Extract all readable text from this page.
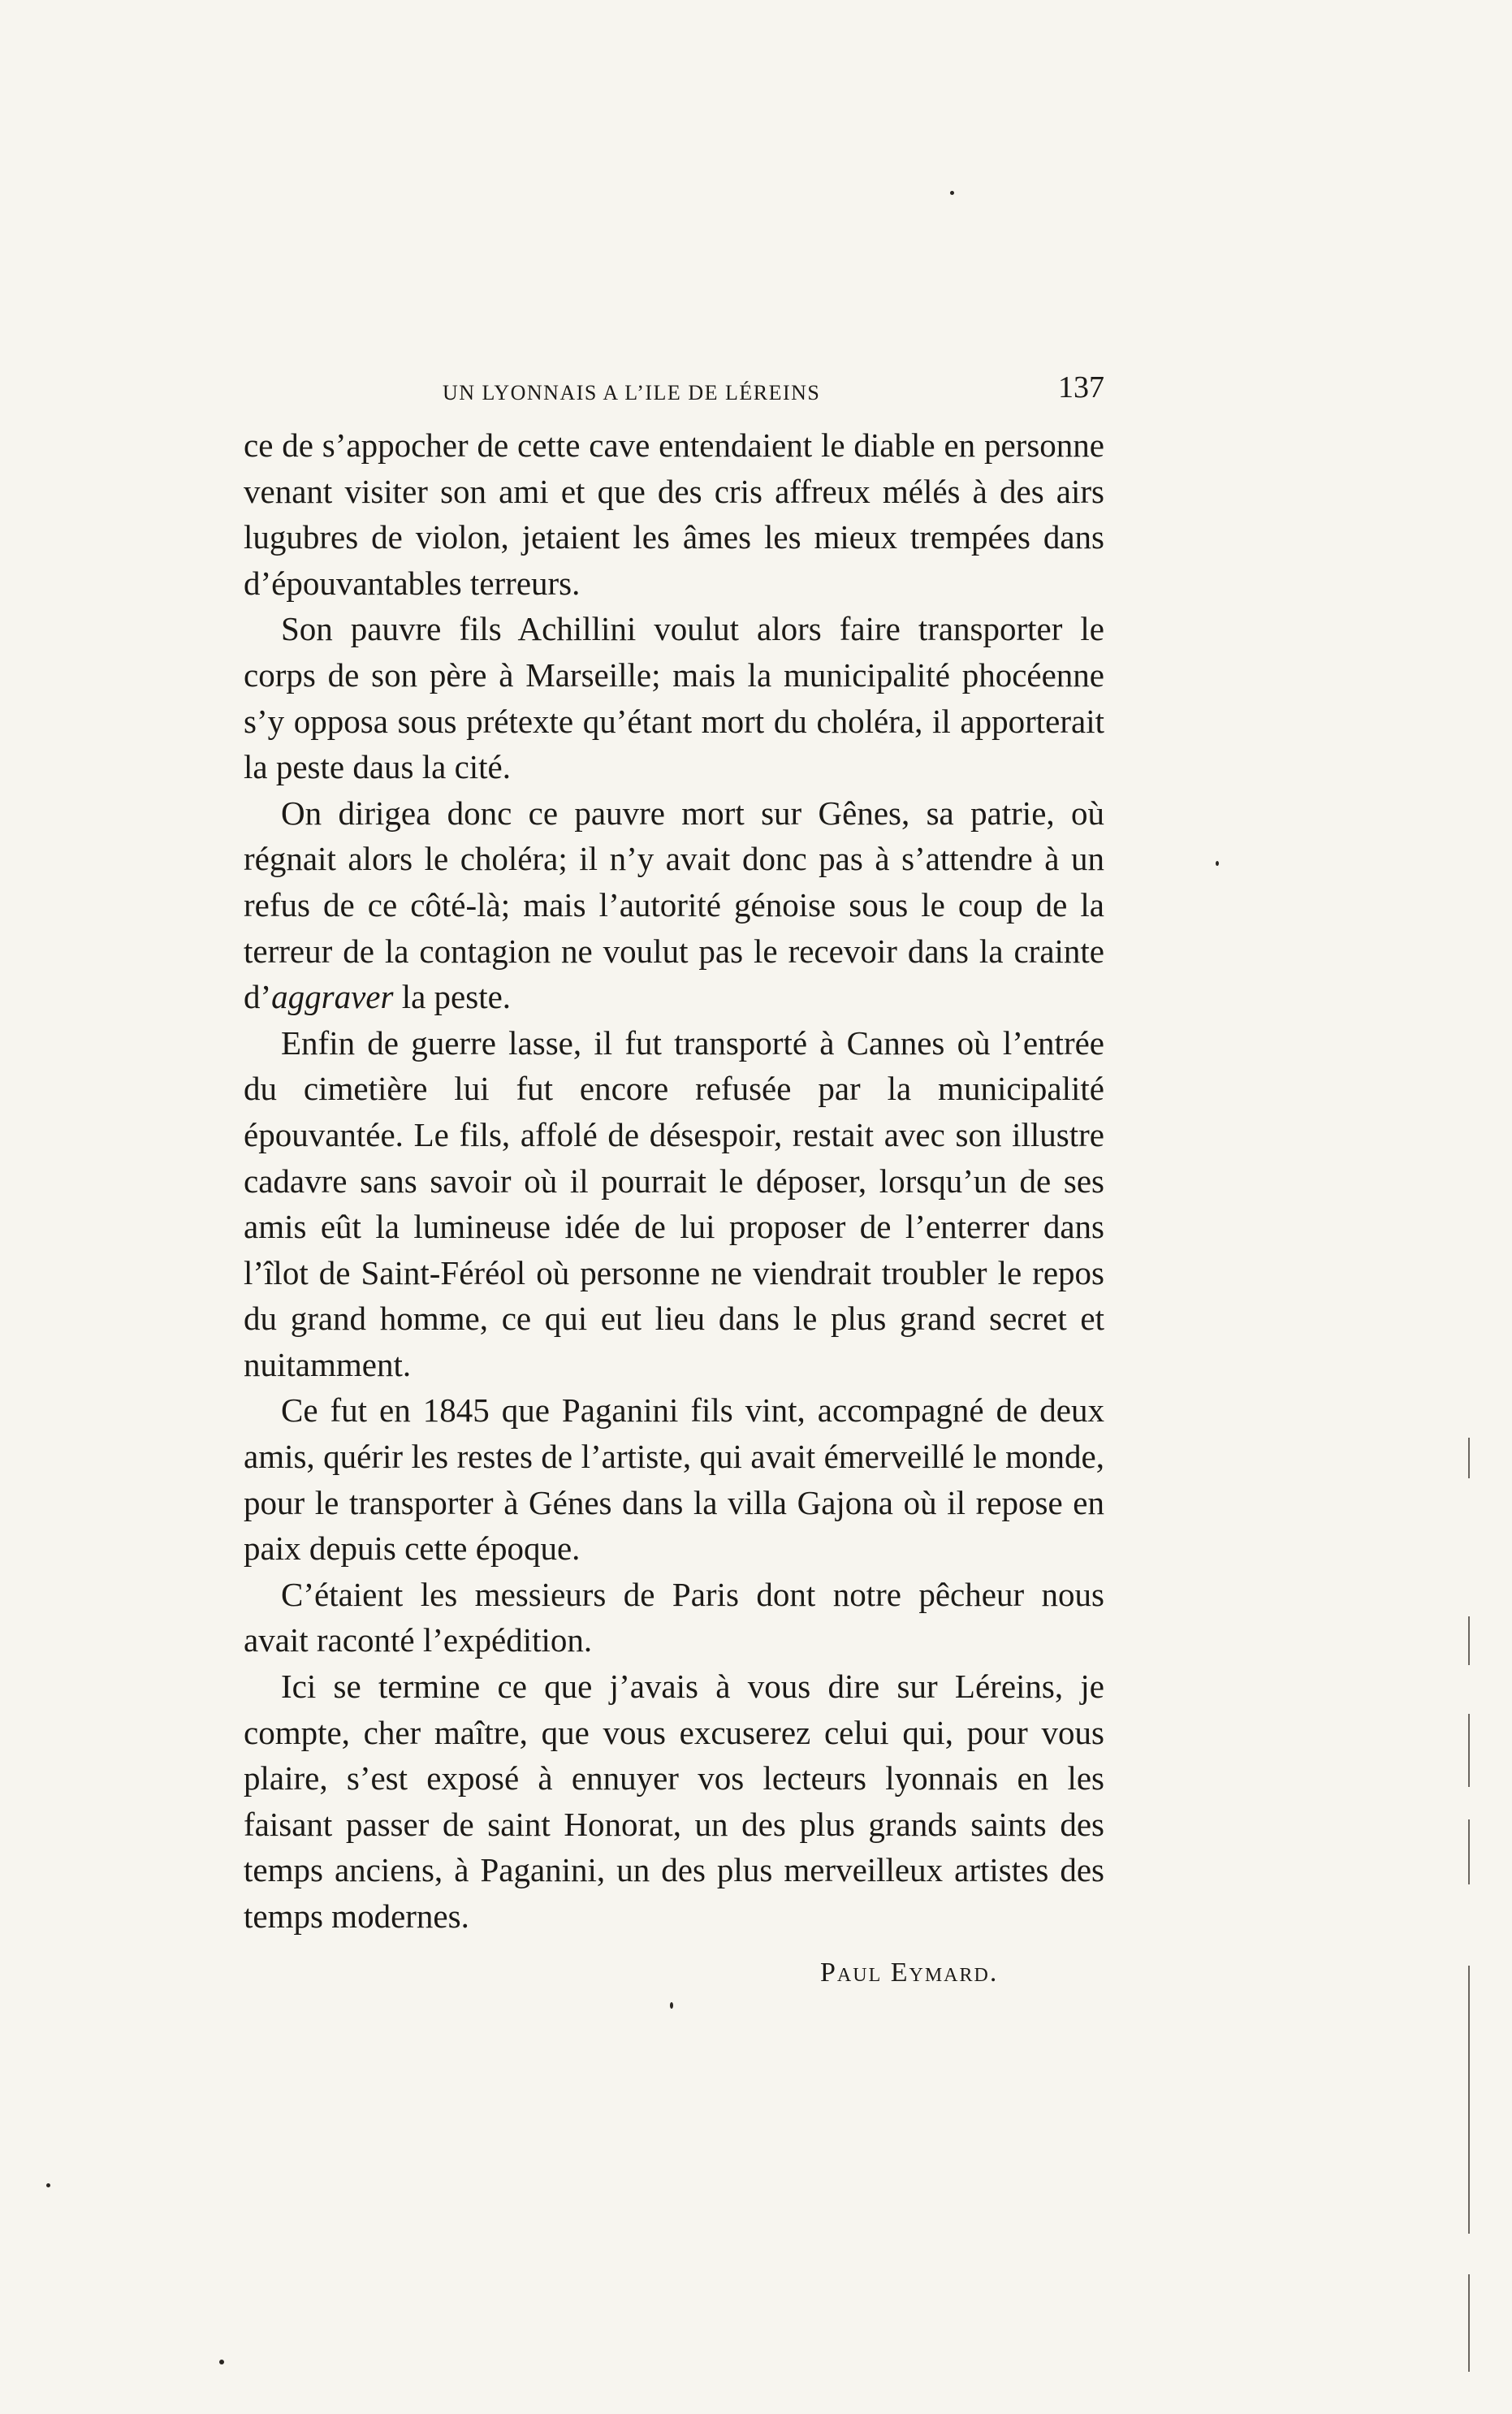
UN LYONNAIS A L’ILE DE LÉREINS	137

ce de s’appocher de cette cave entendaient le diable en personne venant visiter son ami et que des cris affreux mélés à des airs lugubres de violon, jetaient les âmes les mieux trempées dans d’épouvantables terreurs.

Son pauvre fils Achillini voulut alors faire transporter le corps de son père à Marseille; mais la municipalité phocéenne s’y opposa sous prétexte qu’étant mort du choléra, il apporterait la peste daus la cité.

On dirigea donc ce pauvre mort sur Gênes, sa patrie, où régnait alors le choléra; il n’y avait donc pas à s’attendre à un refus de ce côté-là; mais l’autorité génoise sous le coup de la terreur de la contagion ne voulut pas le recevoir dans la crainte d’aggraver la peste.

Enfin de guerre lasse, il fut transporté à Cannes où l’entrée du cimetière lui fut encore refusée par la municipalité épouvantée. Le fils, affolé de désespoir, restait avec son illustre cadavre sans savoir où il pourrait le déposer, lorsqu’un de ses amis eût la lumineuse idée de lui proposer de l’enterrer dans l’îlot de Saint-Féréol où personne ne viendrait troubler le repos du grand homme, ce qui eut lieu dans le plus grand secret et nuitamment.

Ce fut en 1845 que Paganini fils vint, accompagné de deux amis, quérir les restes de l’artiste, qui avait émerveillé le monde, pour le transporter à Génes dans la villa Gajona où il repose en paix depuis cette époque.

C’étaient les messieurs de Paris dont notre pêcheur nous avait raconté l’expédition.

Ici se termine ce que j’avais à vous dire sur Léreins, je compte, cher maître, que vous excuserez celui qui, pour vous plaire, s’est exposé à ennuyer vos lecteurs lyonnais en les faisant passer de saint Honorat, un des plus grands saints des temps anciens, à Paganini, un des plus merveilleux artistes des temps modernes.

Paul Eymard.
